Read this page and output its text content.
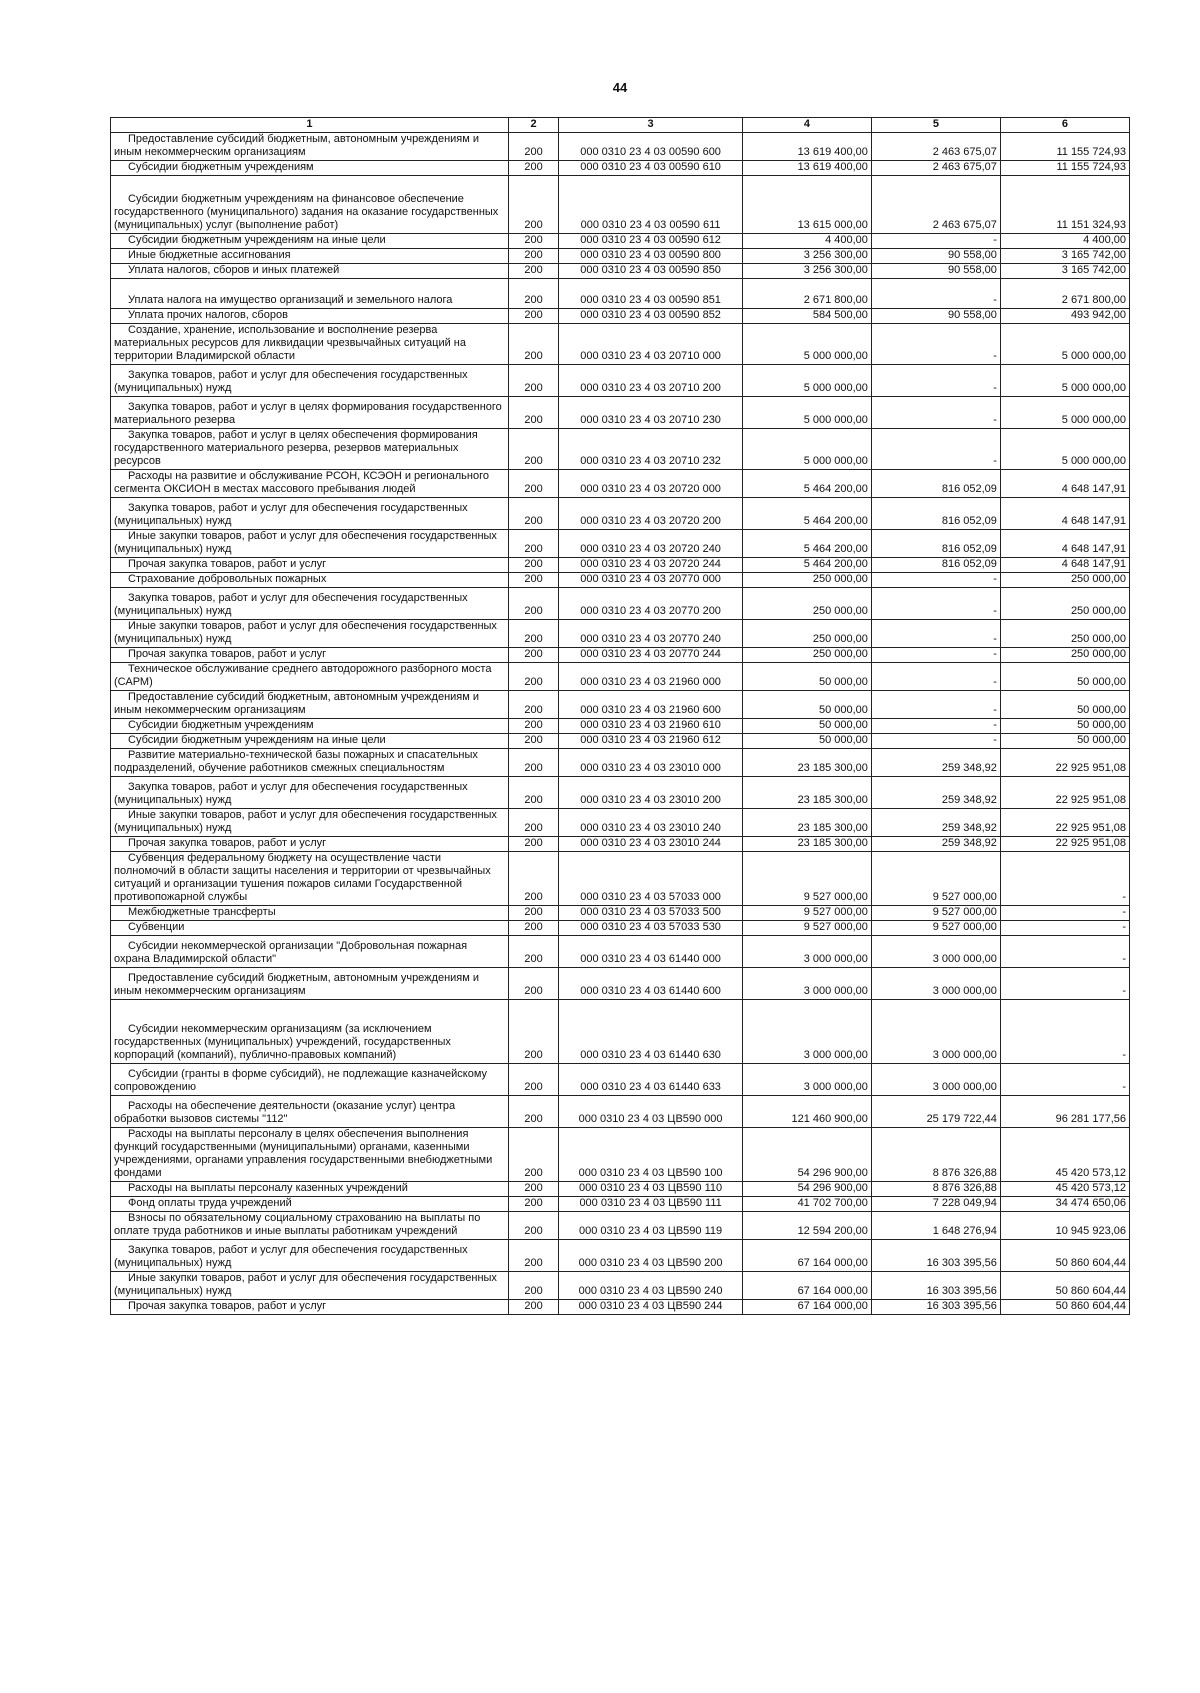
44
1	2	3	4	5	6
Предоставление субсидий бюджетным, автономным учреждениям и иным некоммерческим организациям	200	000 0310 23 4 03 00590 600	13 619 400,00	2 463 675,07	11 155 724,93
Субсидии бюджетным учреждениям	200	000 0310 23 4 03 00590 610	13 619 400,00	2 463 675,07	11 155 724,93
Субсидии бюджетным учреждениям на финансовое обеспечение государственного (муниципального) задания на оказание государственных (муниципальных) услуг (выполнение работ)	200	000 0310 23 4 03 00590 611	13 615 000,00	2 463 675,07	11 151 324,93
Субсидии бюджетным учреждениям на иные цели	200	000 0310 23 4 03 00590 612	4 400,00	-	4 400,00
Иные бюджетные ассигнования	200	000 0310 23 4 03 00590 800	3 256 300,00	90 558,00	3 165 742,00
Уплата налогов, сборов и иных платежей	200	000 0310 23 4 03 00590 850	3 256 300,00	90 558,00	3 165 742,00
Уплата налога на имущество организаций и земельного налога	200	000 0310 23 4 03 00590 851	2 671 800,00	-	2 671 800,00
Уплата прочих налогов, сборов	200	000 0310 23 4 03 00590 852	584 500,00	90 558,00	493 942,00
Создание, хранение, использование и восполнение резерва материальных ресурсов для ликвидации чрезвычайных ситуаций на территории Владимирской области	200	000 0310 23 4 03 20710 000	5 000 000,00	-	5 000 000,00
Закупка товаров, работ и услуг для обеспечения государственных (муниципальных) нужд	200	000 0310 23 4 03 20710 200	5 000 000,00	-	5 000 000,00
Закупка товаров, работ и услуг в целях формирования государственного материального резерва	200	000 0310 23 4 03 20710 230	5 000 000,00	-	5 000 000,00
Закупка товаров, работ и услуг в целях обеспечения формирования государственного материального резерва, резервов материальных ресурсов	200	000 0310 23 4 03 20710 232	5 000 000,00	-	5 000 000,00
Расходы на развитие и обслуживание РСОН, КСЭОН и регионального сегмента ОКСИОН в местах массового пребывания людей	200	000 0310 23 4 03 20720 000	5 464 200,00	816 052,09	4 648 147,91
Закупка товаров, работ и услуг для обеспечения государственных (муниципальных) нужд	200	000 0310 23 4 03 20720 200	5 464 200,00	816 052,09	4 648 147,91
Иные закупки товаров, работ и услуг для обеспечения государственных (муниципальных) нужд	200	000 0310 23 4 03 20720 240	5 464 200,00	816 052,09	4 648 147,91
Прочая закупка товаров, работ и услуг	200	000 0310 23 4 03 20720 244	5 464 200,00	816 052,09	4 648 147,91
Страхование добровольных пожарных	200	000 0310 23 4 03 20770 000	250 000,00	-	250 000,00
Закупка товаров, работ и услуг для обеспечения государственных (муниципальных) нужд	200	000 0310 23 4 03 20770 200	250 000,00	-	250 000,00
Иные закупки товаров, работ и услуг для обеспечения государственных (муниципальных) нужд	200	000 0310 23 4 03 20770 240	250 000,00	-	250 000,00
Прочая закупка товаров, работ и услуг	200	000 0310 23 4 03 20770 244	250 000,00	-	250 000,00
Техническое обслуживание среднего автодорожного разборного моста (САРМ)	200	000 0310 23 4 03 21960 000	50 000,00	-	50 000,00
Предоставление субсидий бюджетным, автономным учреждениям и иным некоммерческим организациям	200	000 0310 23 4 03 21960 600	50 000,00	-	50 000,00
Субсидии бюджетным учреждениям	200	000 0310 23 4 03 21960 610	50 000,00	-	50 000,00
Субсидии бюджетным учреждениям на иные цели	200	000 0310 23 4 03 21960 612	50 000,00	-	50 000,00
Развитие материально-технической базы пожарных и спасательных подразделений, обучение работников смежных специальностям	200	000 0310 23 4 03 23010 000	23 185 300,00	259 348,92	22 925 951,08
Закупка товаров, работ и услуг для обеспечения государственных (муниципальных) нужд	200	000 0310 23 4 03 23010 200	23 185 300,00	259 348,92	22 925 951,08
Иные закупки товаров, работ и услуг для обеспечения государственных (муниципальных) нужд	200	000 0310 23 4 03 23010 240	23 185 300,00	259 348,92	22 925 951,08
Прочая закупка товаров, работ и услуг	200	000 0310 23 4 03 23010 244	23 185 300,00	259 348,92	22 925 951,08
Субвенция федеральному бюджету на осуществление части полномочий в области защиты населения и территории от чрезвычайных ситуаций и организации тушения пожаров силами Государственной противопожарной службы	200	000 0310 23 4 03 57033 000	9 527 000,00	9 527 000,00	-
Межбюджетные трансферты	200	000 0310 23 4 03 57033 500	9 527 000,00	9 527 000,00	-
Субвенции	200	000 0310 23 4 03 57033 530	9 527 000,00	9 527 000,00	-
Субсидии некоммерческой организации "Добровольная пожарная охрана Владимирской области"	200	000 0310 23 4 03 61440 000	3 000 000,00	3 000 000,00	-
Предоставление субсидий бюджетным, автономным учреждениям и иным некоммерческим организациям	200	000 0310 23 4 03 61440 600	3 000 000,00	3 000 000,00	-
Субсидии некоммерческим организациям (за исключением государственных (муниципальных) учреждений, государственных корпораций (компаний), публично-правовых компаний)	200	000 0310 23 4 03 61440 630	3 000 000,00	3 000 000,00	-
Субсидии (гранты в форме субсидий), не подлежащие казначейскому сопровождению	200	000 0310 23 4 03 61440 633	3 000 000,00	3 000 000,00	-
Расходы на обеспечение деятельности (оказание услуг) центра обработки вызовов системы "112"	200	000 0310 23 4 03 ЦВ590 000	121 460 900,00	25 179 722,44	96 281 177,56
Расходы на выплаты персоналу в целях обеспечения выполнения функций государственными (муниципальными) органами, казенными учреждениями, органами управления государственными внебюджетными фондами	200	000 0310 23 4 03 ЦВ590 100	54 296 900,00	8 876 326,88	45 420 573,12
Расходы на выплаты персоналу казенных учреждений	200	000 0310 23 4 03 ЦВ590 110	54 296 900,00	8 876 326,88	45 420 573,12
Фонд оплаты труда учреждений	200	000 0310 23 4 03 ЦВ590 111	41 702 700,00	7 228 049,94	34 474 650,06
Взносы по обязательному социальному страхованию на выплаты по оплате труда работников и иные выплаты работникам учреждений	200	000 0310 23 4 03 ЦВ590 119	12 594 200,00	1 648 276,94	10 945 923,06
Закупка товаров, работ и услуг для обеспечения государственных (муниципальных) нужд	200	000 0310 23 4 03 ЦВ590 200	67 164 000,00	16 303 395,56	50 860 604,44
Иные закупки товаров, работ и услуг для обеспечения государственных (муниципальных) нужд	200	000 0310 23 4 03 ЦВ590 240	67 164 000,00	16 303 395,56	50 860 604,44
Прочая закупка товаров, работ и услуг	200	000 0310 23 4 03 ЦВ590 244	67 164 000,00	16 303 395,56	50 860 604,44
